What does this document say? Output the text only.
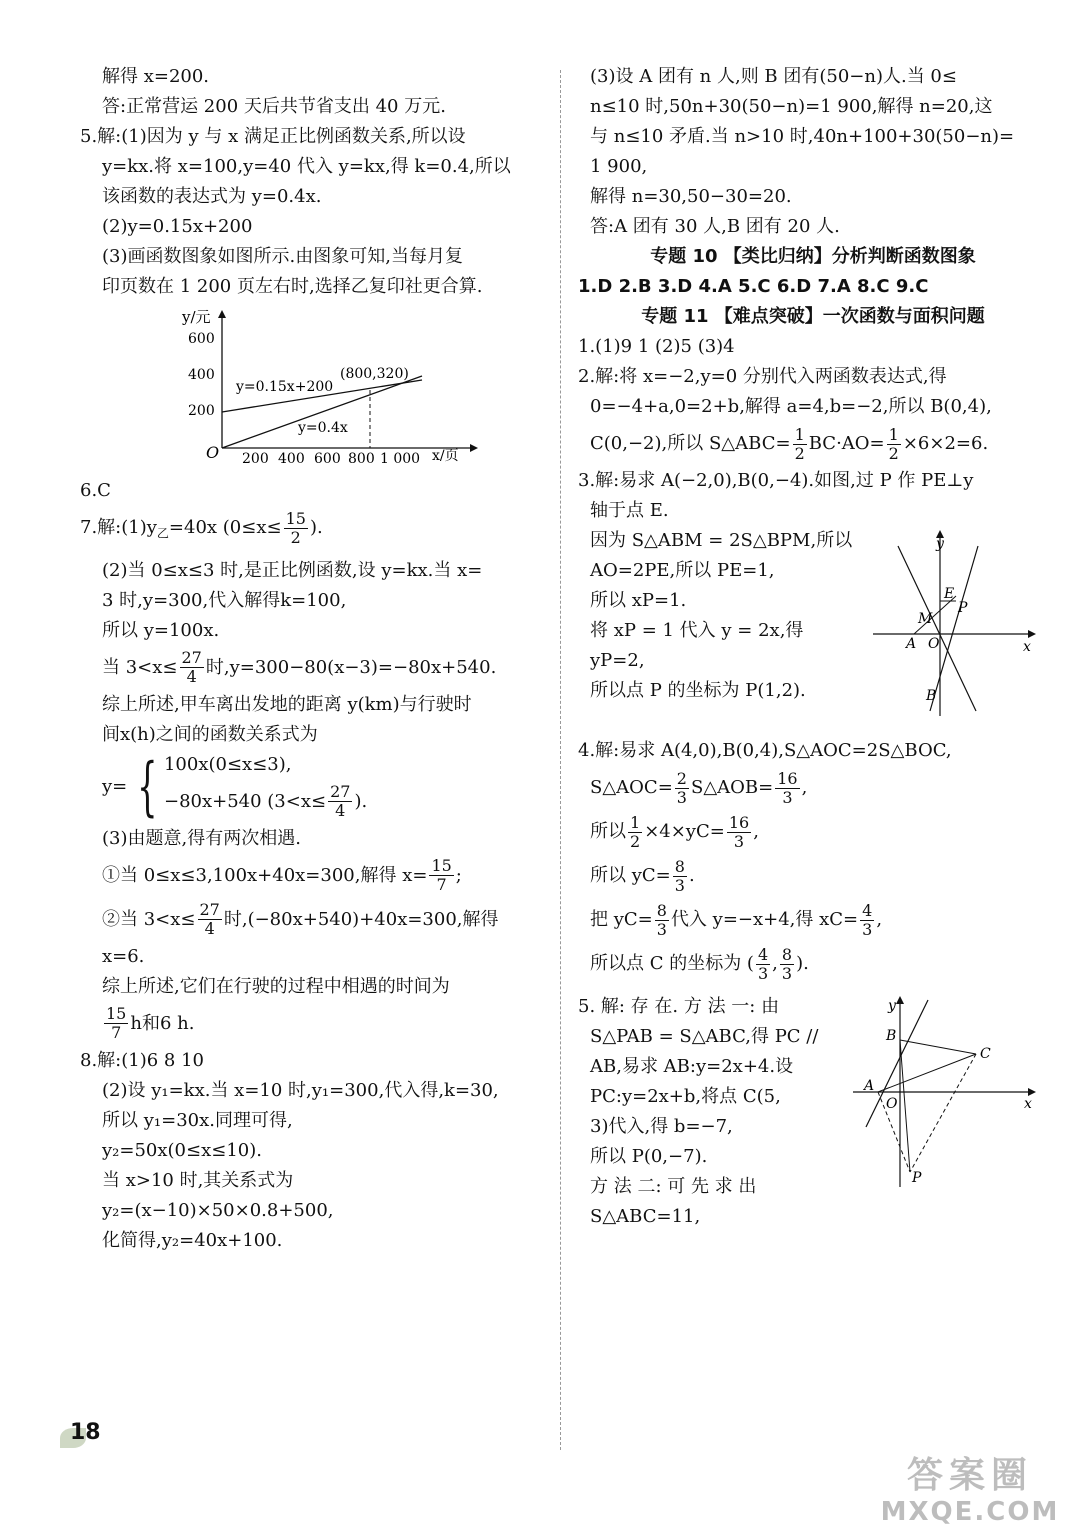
解得 x=200.
答:正常营运 200 天后共节省支出 40 万元.
5.解:(1)因为 y 与 x 满足正比例函数关系,所以设
y=kx.将 x=100,y=40 代入 y=kx,得 k=0.4,所以
该函数的表达式为 y=0.4x.
(2)y=0.15x+200
(3)画函数图象如图所示.由图象可知,当每月复
印页数在 1 200 页左右时,选择乙复印社更合算.
y/元
x/页
O
600
400
200
200 400 600 800 1 000
(800,320)
y=0.15x+200
y=0.4x
6.C
7.解$:(1)y_乙=40x$ ($0\le x\le \frac{15}{2}$ ).
(2)当 0≤x≤3 时,是正比例函数,设 y=kx.当 x=
3 时,y=300,代入解得k=100,
所以 y=100x.
当 $3<x\le \frac{27}{4}$ 时,y=300−80(x−3)=−80x+540.
综上所述,甲车离出发地的距离 y(km)与行驶时
间x(h)之间的函数关系式为
y= { 100x(0≤x≤3),
−80x+540 ($3<x\le \frac{27}{4}$ ).
(3)由题意,得有两次相遇.
①当 0≤x≤3,100x+40x=300,解得 $x= \frac{15}{7}$ ;
②当 $3<x\le \frac{27}{4}$ 时,(−80x+540)+40x=300,解得
x=6.
综上所述,它们在行驶的过程中相遇的时间为
$\frac{15}{7}$ h和6 h.
8.解:(1)6 8 10
(2)设 y₁=kx.当 x=10 时,y₁=300,代入得,k=30,
所以 y₁=30x.同理可得,
y₂=50x(0≤x≤10).
当 x>10 时,其关系式为
y₂=(x−10)×50×0.8+500,
化简得,y₂=40x+100.
(3)设 A 团有 n 人,则 B 团有(50−n)人.当 0≤
n≤10 时,50n+30(50−n)=1 900,解得 n=20,这
与 n≤10 矛盾.当 n>10 时,40n+100+30(50−n)=
1 900,
解得 n=30,50−30=20.
答:A 团有 30 人,B 团有 20 人.
专题 10 【类比归纳】分析判断函数图象
1.D 2.B 3.D 4.A 5.C 6.D 7.A 8.C 9.C
专题 11 【难点突破】一次函数与面积问题
1.(1)9 1 (2)5 (3)4
2.解:将 x=−2,y=0 分别代入两函数表达式,得
0=−4+a,0=2+b,解得 a=4,b=−2,所以 B(0,4),
C(0,−2),所以 S△ABC= $\frac{1}{2} BC\cdot AO= \frac{1}{2} \times 6\times 2=6$.
3.解:易求 A(−2,0),B(0,−4).如图,过 P 作 PE⊥y
轴于点 E.
因为 S△ABM = 2S△BPM,所以
AO=2PE,所以 PE=1,
所以 xP=1.
将 xP = 1 代入 y = 2x,得
yP=2,
所以点 P 的坐标为 P(1,2).
y
x
A O
B
M
E
P
4.解:易求 A(4,0),B(0,4),S△AOC=2S△BOC,
S△AOC= $\frac{2}{3}$ S△AOB= $\frac{16}{3}$ ,
所以 $\frac{1}{2} \times 4\times yC= \frac{16}{3}$ ,
所以 $yC= \frac{8}{3}$ .
把 $yC= \frac{8}{3}$ 代入 y=−x+4,得 $xC= \frac{4}{3}$ ,
所以点 C 的坐标为 ( $\frac{4}{3}$ , $\frac{8}{3}$ ).
5. 解: 存 在. 方 法 一: 由
S△PAB = S△ABC,得 PC //
AB,易求 AB:y=2x+4.设
PC:y=2x+b,将点 C(5,
3)代入,得 b=−7,
所以 P(0,−7).
方 法 二: 可 先 求 出
S△ABC=11,
y
x
A
O
B
C
P
18
答案圈
MXQE.COM
